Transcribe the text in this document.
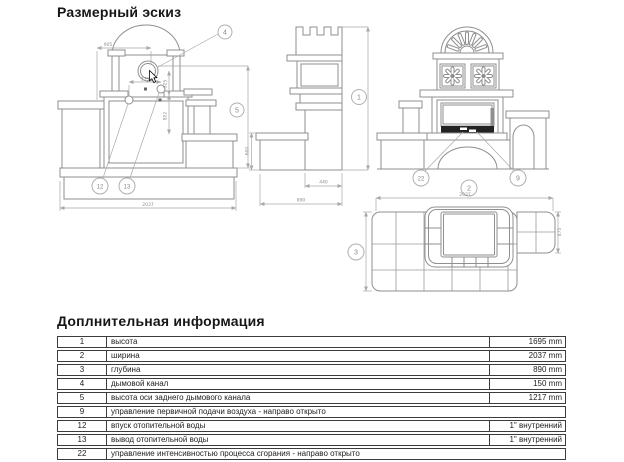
Размерный эскиз
905
375	325
802
2037
4
5
12	13
600
1
440
890
22	9
2
2037
3
875
Доплнительная информация
1	высота	1695 mm
2	ширина	2037 mm
3	глубина	890 mm
4	дымовой канал	150 mm
5	высота оси заднего дымового канала	1217 mm
9	управление первичной подачи воздуха - направо открыто	
12	впуск отопительной воды	1" внутренний
13	вывод отопительной воды	1" внутренний
22	управление интенсивностью процесса сгорания - направо открыто	
